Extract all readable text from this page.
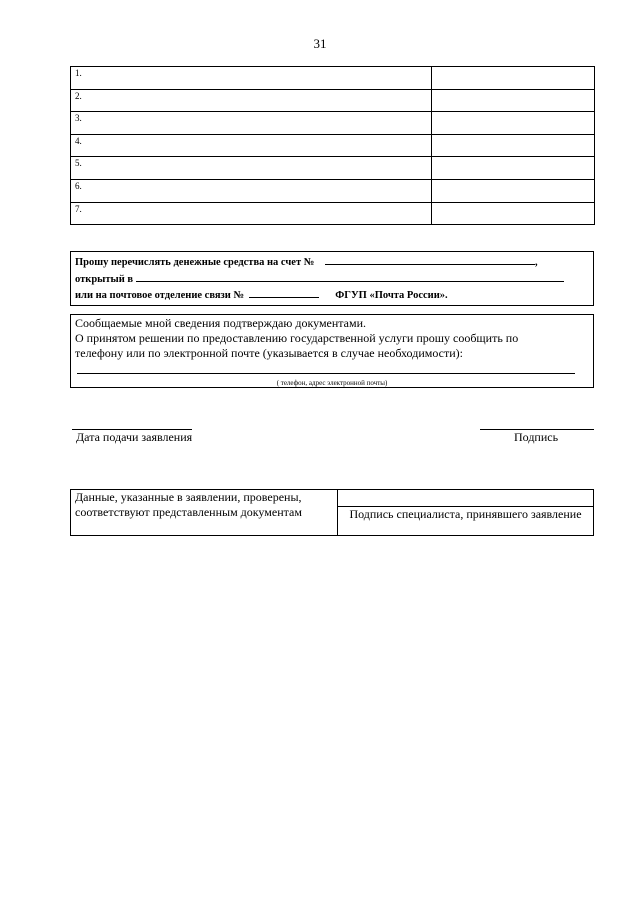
31
1.	
2.	
3.	
4.	
5.	
6.	
7.	
Прошу перечислять денежные средства на счет №	,
открытый в
или на почтовое отделение связи №	ФГУП «Почта России».
Сообщаемые мной сведения подтверждаю документами.
О принятом решении по предоставлению государственной услуги прошу сообщить по
телефону или по электронной почте (указывается в случае необходимости):
( телефон, адрес электронной почты)
Дата подачи заявления	Подпись
Данные, указанные в заявлении, проверены, соответствуют представленным документам	
Подпись специалиста, принявшего заявление
